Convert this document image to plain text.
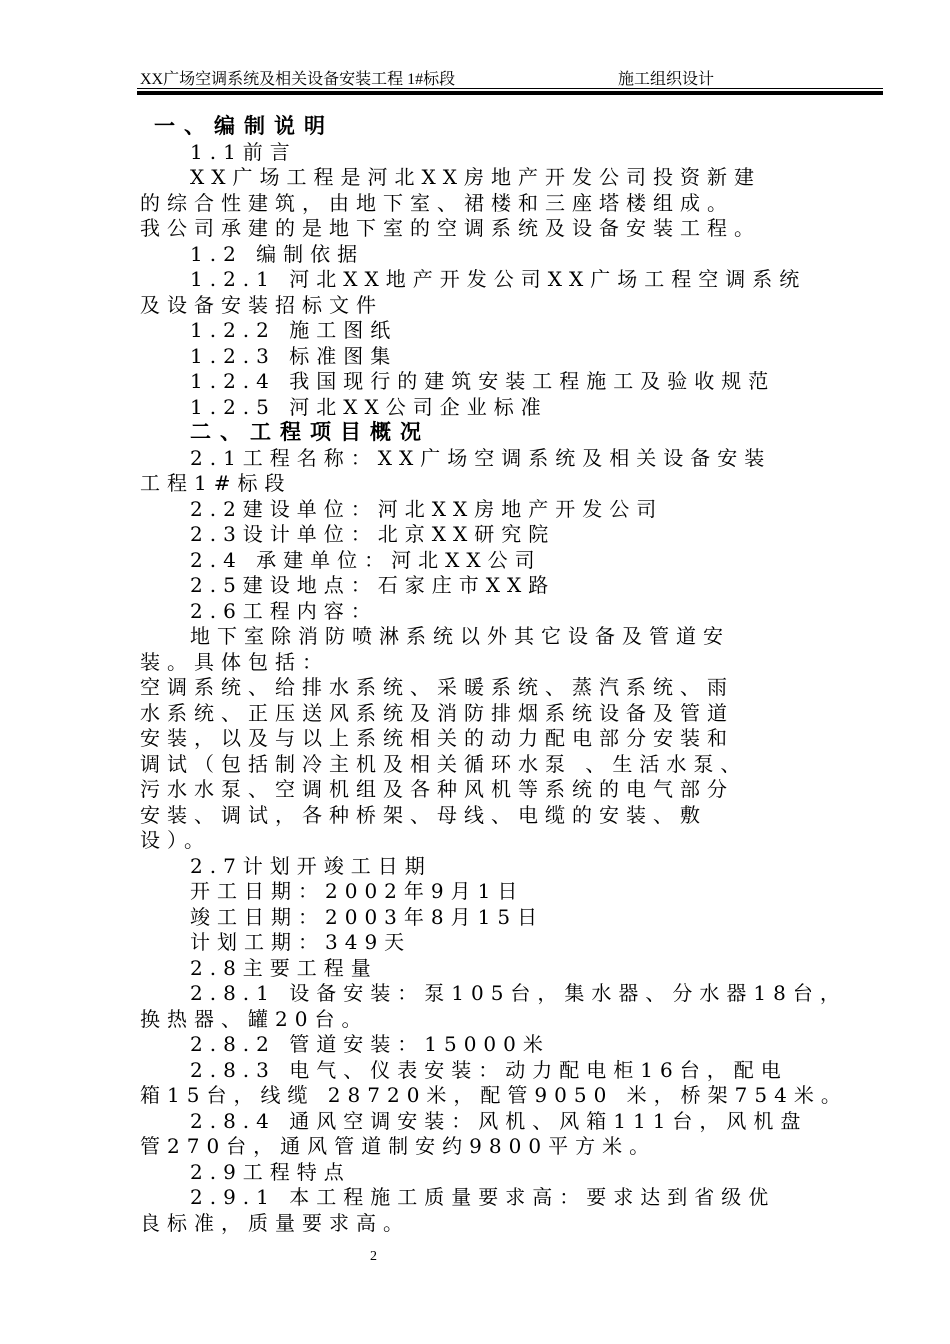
XX广场空调系统及相关设备安装工程 1#标段	施工组织设计
一、编制说明
1.1前言
XX广场工程是河北XX房地产开发公司投资新建
的综合性建筑，由地下室、裙楼和三座塔楼组成。
我公司承建的是地下室的空调系统及设备安装工程。
1.2 编制依据
1.2.1 河北XX地产开发公司XX广场工程空调系统
及设备安装招标文件
1.2.2 施工图纸
1.2.3 标准图集
1.2.4 我国现行的建筑安装工程施工及验收规范
1.2.5 河北XX公司企业标准
二、工程项目概况
2.1工程名称：XX广场空调系统及相关设备安装
工程1#标段
2.2建设单位：河北XX房地产开发公司
2.3设计单位：北京XX研究院
2.4 承建单位：河北XX公司
2.5建设地点：石家庄市XX路
2.6工程内容：
地下室除消防喷淋系统以外其它设备及管道安
装。具体包括：
空调系统、给排水系统、采暖系统、蒸汽系统、雨
水系统、正压送风系统及消防排烟系统设备及管道
安装，以及与以上系统相关的动力配电部分安装和
调试（包括制冷主机及相关循环水泵 、生活水泵、
污水水泵、空调机组及各种风机等系统的电气部分
安装、调试，各种桥架、母线、电缆的安装、敷
设）。
2.7计划开竣工日期
开工日期：2002年9月1日
竣工日期：2003年8月15日
计划工期：349天
2.8主要工程量
2.8.1 设备安装：泵105台，集水器、分水器18台，
换热器、罐20台。
2.8.2 管道安装：15000米
2.8.3 电气、仪表安装：动力配电柜16台，配电
箱15台，线缆 28720米，配管9050 米，桥架754米。
2.8.4 通风空调安装：风机、风箱111台，风机盘
管270台，通风管道制安约9800平方米。
2.9工程特点
2.9.1 本工程施工质量要求高：要求达到省级优
良标准，质量要求高。
2
